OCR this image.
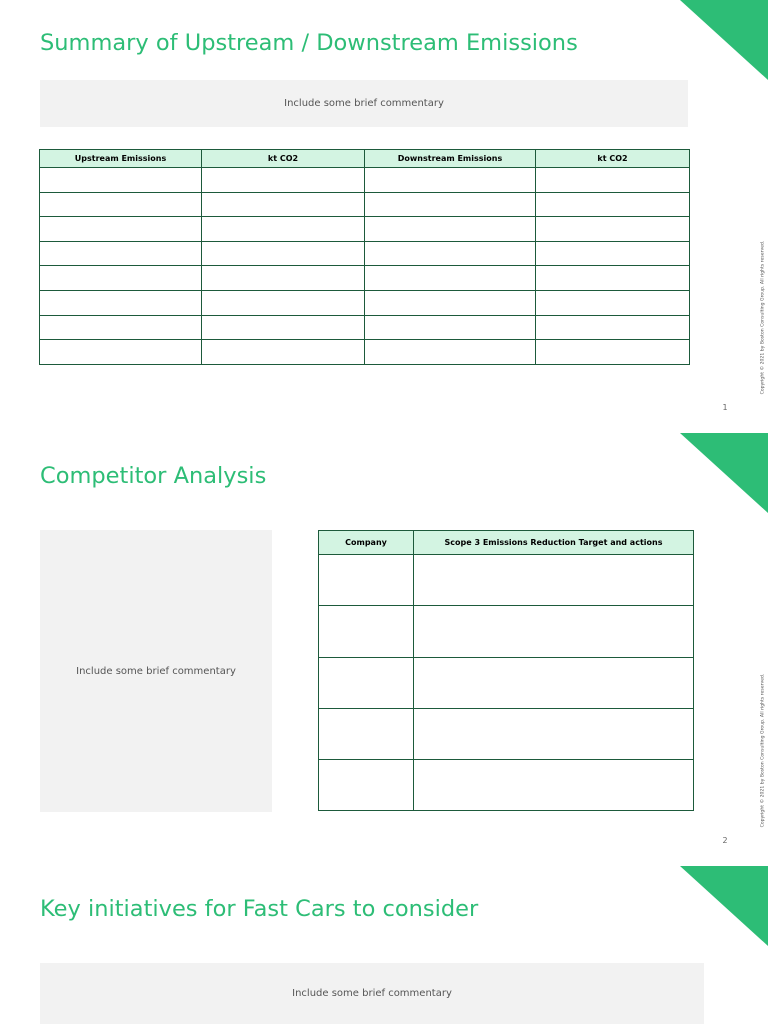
Summary of Upstream / Downstream Emissions
Include some brief commentary
Upstream Emissions	kt CO2	Downstream Emissions	kt CO2

Copyright © 2021 by Boston Consulting Group. All rights reserved.
1
Competitor Analysis
Include some brief commentary
Company	Scope 3 Emissions Reduction Target and actions

Copyright © 2021 by Boston Consulting Group. All rights reserved.
2
Key initiatives for Fast Cars to consider
Include some brief commentary
